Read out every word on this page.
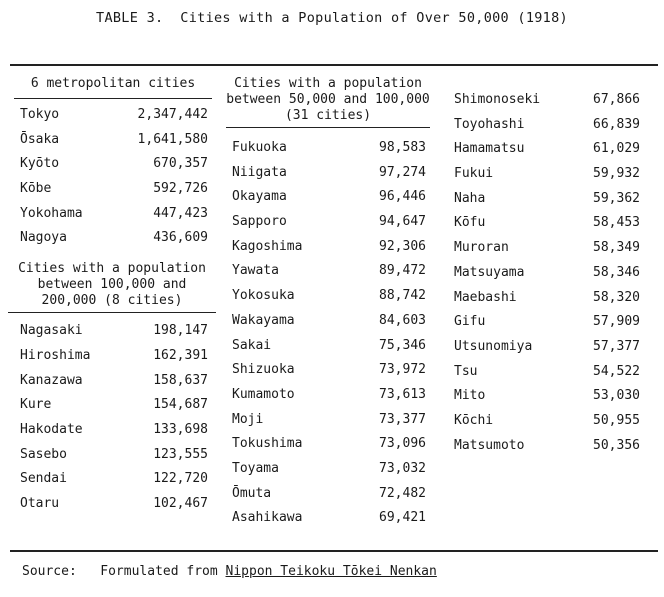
TABLE 3.  Cities with a Population of Over 50,000 (1918)
6 metropolitan cities
Tokyo	2,347,442
Ōsaka	1,641,580
Kyōto	670,357
Kōbe	592,726
Yokohama	447,423
Nagoya	436,609
Cities with a population between 100,000 and 200,000 (8 cities)
Nagasaki	198,147
Hiroshima	162,391
Kanazawa	158,637
Kure	154,687
Hakodate	133,698
Sasebo	123,555
Sendai	122,720
Otaru	102,467
Cities with a population between 50,000 and 100,000 (31 cities)
Fukuoka	98,583
Niigata	97,274
Okayama	96,446
Sapporo	94,647
Kagoshima	92,306
Yawata	89,472
Yokosuka	88,742
Wakayama	84,603
Sakai	75,346
Shizuoka	73,972
Kumamoto	73,613
Moji	73,377
Tokushima	73,096
Toyama	73,032
Ōmuta	72,482
Asahikawa	69,421
Shimonoseki	67,866
Toyohashi	66,839
Hamamatsu	61,029
Fukui	59,932
Naha	59,362
Kōfu	58,453
Muroran	58,349
Matsuyama	58,346
Maebashi	58,320
Gifu	57,909
Utsunomiya	57,377
Tsu	54,522
Mito	53,030
Kōchi	50,955
Matsumoto	50,356
Source: Formulated from Nippon Teikoku Tōkei Nenkan
